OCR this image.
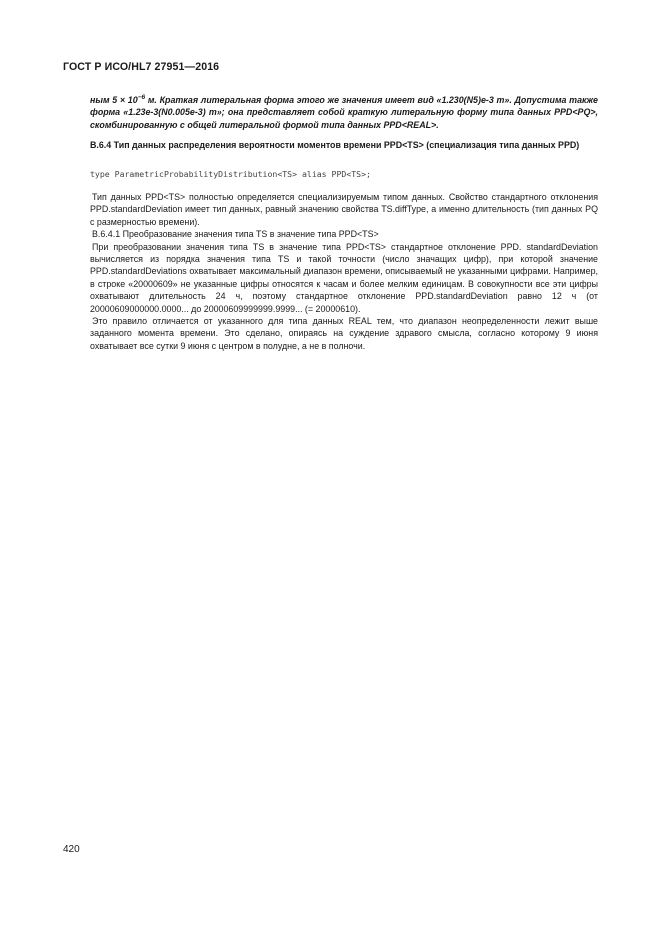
ГОСТ Р ИСО/HL7 27951—2016

ным $5 \times 10^{-6}$ м. Краткая литеральная форма этого же значения имеет вид «1.230(N5)e-3 m». Допустима также форма «1.23e-3(N0.005e-3) m»; она представляет собой краткую литеральную форму типа данных PPD<PQ>, скомбинированную с общей литеральной формой типа данных PPD<REAL>.

B.6.4 Тип данных распределения вероятности моментов времени PPD<TS> (специализация типа данных PPD)

type ParametricProbabilityDistribution<TS> alias PPD<TS>;

Тип данных PPD<TS> полностью определяется специализируемым типом данных. Свойство стандартного отклонения PPD.standardDeviation имеет тип данных, равный значению свойства TS.diffType, а именно длительность (тип данных PQ с размерностью времени).

B.6.4.1 Преобразование значения типа TS в значение типа PPD<TS>

При преобразовании значения типа TS в значение типа PPD<TS> стандартное отклонение PPD. standardDeviation вычисляется из порядка значения типа TS и такой точности (число значащих цифр), при которой значение PPD.standardDeviations охватывает максимальный диапазон времени, описываемый не указанными цифрами. Например, в строке «20000609» не указанные цифры относятся к часам и более мелким единицам. В совокупности все эти цифры охватывают длительность 24 ч, поэтому стандартное отклонение PPD.standardDeviation равно 12 ч (от 20000609000000.0000... до 20000609999999.9999... (= 20000610).

Это правило отличается от указанного для типа данных REAL тем, что диапазон неопределенности лежит выше заданного момента времени. Это сделано, опираясь на суждение здравого смысла, согласно которому 9 июня охватывает все сутки 9 июня с центром в полудне, а не в полночи.

420
